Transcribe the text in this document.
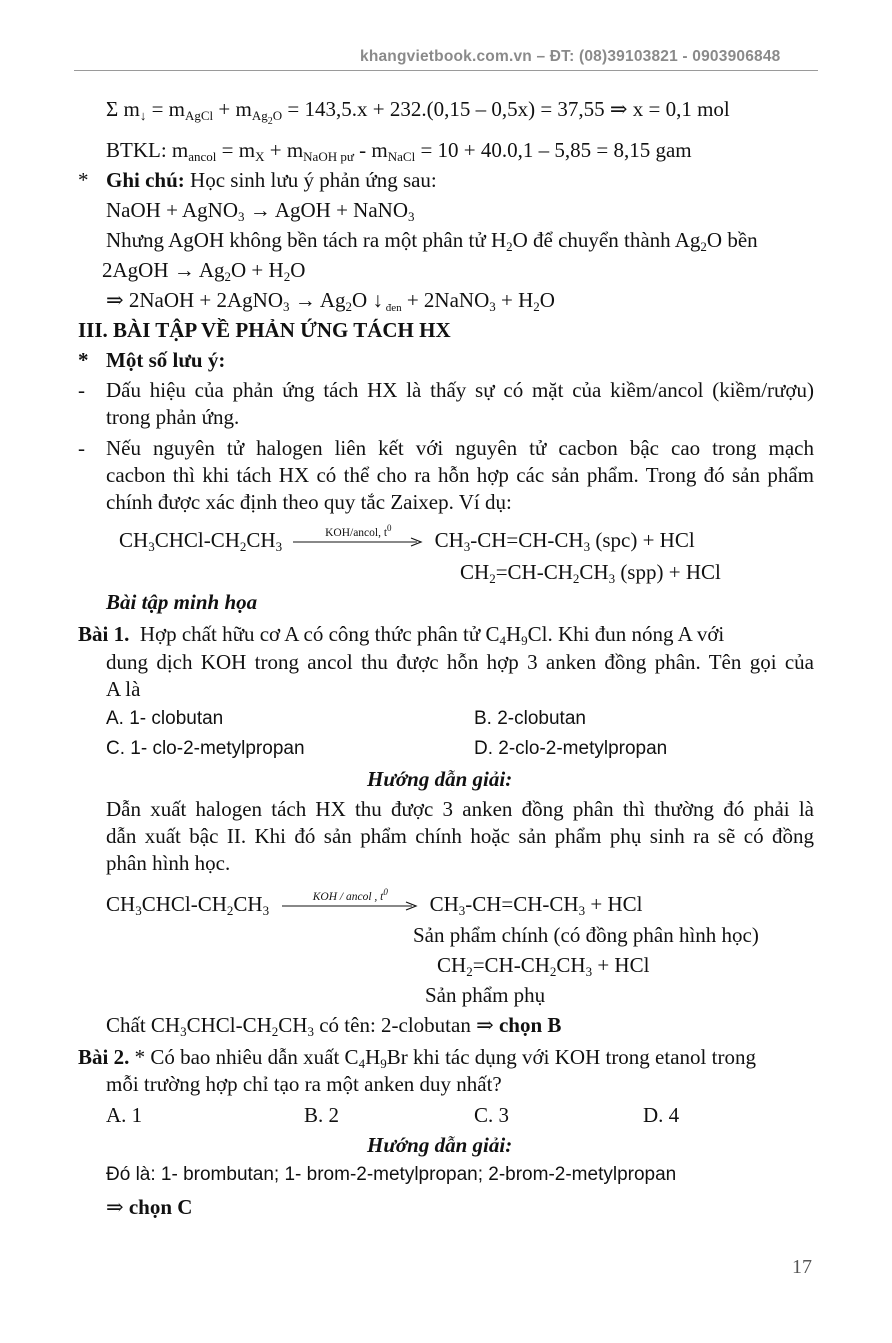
khangvietbook.com.vn – ĐT: (08)39103821 - 0903906848
Σ $m_↓ = m_{AgCl} + m_{Ag_2O} = 143,5.x + 232.(0,15 - 0,5x) = 37,55$ ⇒ x = 0,1 mol
BTKL: $m_{ancol} = m_X + m_{NaOH pư} - m_{NaCl} = 10 + 40.0,1 - 5,85 = 8,15$ gam
* Ghi chú: Học sinh lưu ý phản ứng sau:
NaOH + AgNO$_3$ → AgOH + NaNO$_3$
Nhưng AgOH không bền tách ra một phân tử $H_2O$ để chuyển thành $Ag_2O$ bền
2AgOH → $Ag_2O + H_2O$
⇒ 2NaOH + 2AgNO$_3$ → $Ag_2O$ ↓ $_{đen}$ + 2NaNO$_3$ + $H_2O$
III. BÀI TẬP VỀ PHẢN ỨNG TÁCH HX
* Một số lưu ý:
- Dấu hiệu của phản ứng tách HX là thấy sự có mặt của kiềm/ancol (kiềm/rượu)
trong phản ứng.
- Nếu nguyên tử halogen liên kết với nguyên tử cacbon bậc cao trong mạch
cacbon thì khi tách HX có thể cho ra hỗn hợp các sản phẩm. Trong đó sản phẩm
chính được xác định theo quy tắc Zaixep. Ví dụ:
$CH_3CHCl-CH_2CH_3$
KOH/ancol, $t^0$	$CH_3-CH=CH-CH_3$ (spc) + HCl
$CH_2=CH-CH_2CH_3$ (spp) + HCl
Bài tập minh họa
Bài 1. Hợp chất hữu cơ A có công thức phân tử $C_4H_9Cl$. Khi đun nóng A với
dung dịch KOH trong ancol thu được hỗn hợp 3 anken đồng phân. Tên gọi của
A là
A. 1- clobutan	B. 2-clobutan
C. 1- clo-2-metylpropan	D. 2-clo-2-metylpropan
Hướng dẫn giải:
Dẫn xuất halogen tách HX thu được 3 anken đồng phân thì thường đó phải là
dẫn xuất bậc II. Khi đó sản phẩm chính hoặc sản phẩm phụ sinh ra sẽ có đồng
phân hình học.
$CH_3CHCl-CH_2CH_3$
KOH / ancol , $t^0$	$CH_3-CH=CH-CH_3$ + HCl
Sản phẩm chính (có đồng phân hình học)
$CH_2=CH-CH_2CH_3$ + HCl
Sản phẩm phụ
Chất $CH_3CHCl-CH_2CH_3$ có tên: 2-clobutan ⇒ chọn B
Bài 2. * Có bao nhiêu dẫn xuất $C_4H_9Br$ khi tác dụng với KOH trong etanol trong
mỗi trường hợp chỉ tạo ra một anken duy nhất?
A. 1	B. 2	C. 3	D. 4
Hướng dẫn giải:
Đó là: 1- brombutan; 1- brom-2-metylpropan; 2-brom-2-metylpropan
⇒ chọn C
17
